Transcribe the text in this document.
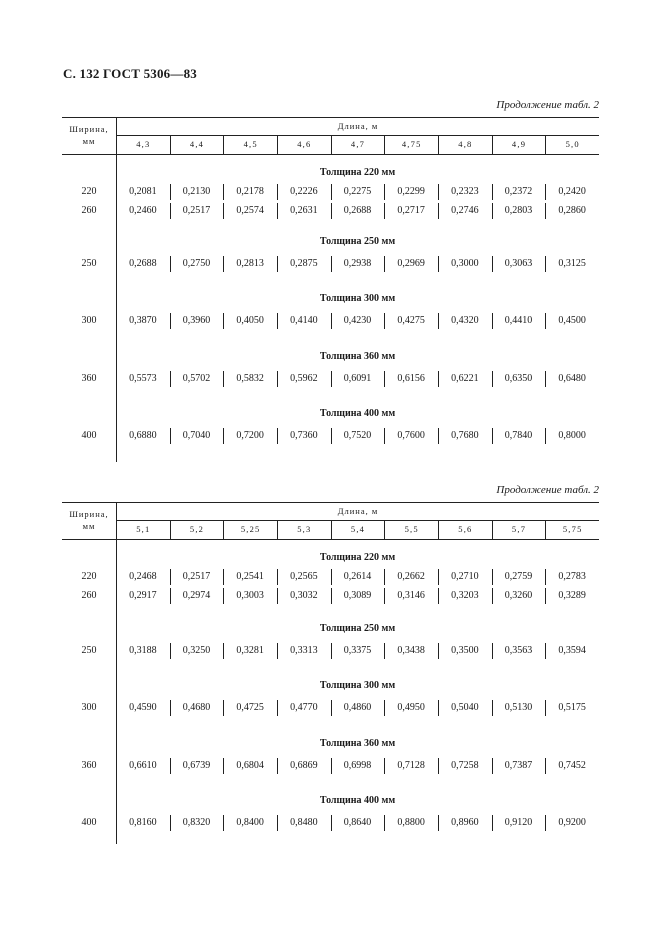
С. 132 ГОСТ 5306—83
Продолжение табл. 2
Ширина,
мм
Длина, м
4,3	4,4	4,5	4,6	4,7	4,75	4,8	4,9	5,0
Толщина 220 мм
220	0,2081	0,2130	0,2178	0,2226	0,2275	0,2299	0,2323	0,2372	0,2420
260	0,2460	0,2517	0,2574	0,2631	0,2688	0,2717	0,2746	0,2803	0,2860
Толщина 250 мм
250	0,2688	0,2750	0,2813	0,2875	0,2938	0,2969	0,3000	0,3063	0,3125
Толщина 300 мм
300	0,3870	0,3960	0,4050	0,4140	0,4230	0,4275	0,4320	0,4410	0,4500
Толщина 360 мм
360	0,5573	0,5702	0,5832	0,5962	0,6091	0,6156	0,6221	0,6350	0,6480
Толщина 400 мм
400	0,6880	0,7040	0,7200	0,7360	0,7520	0,7600	0,7680	0,7840	0,8000
Продолжение табл. 2
Ширина,
мм
Длина, м
5,1	5,2	5,25	5,3	5,4	5,5	5,6	5,7	5,75
Толщина 220 мм
220	0,2468	0,2517	0,2541	0,2565	0,2614	0,2662	0,2710	0,2759	0,2783
260	0,2917	0,2974	0,3003	0,3032	0,3089	0,3146	0,3203	0,3260	0,3289
Толщина 250 мм
250	0,3188	0,3250	0,3281	0,3313	0,3375	0,3438	0,3500	0,3563	0,3594
Толщина 300 мм
300	0,4590	0,4680	0,4725	0,4770	0,4860	0,4950	0,5040	0,5130	0,5175
Толщина 360 мм
360	0,6610	0,6739	0,6804	0,6869	0,6998	0,7128	0,7258	0,7387	0,7452
Толщина 400 мм
400	0,8160	0,8320	0,8400	0,8480	0,8640	0,8800	0,8960	0,9120	0,9200
